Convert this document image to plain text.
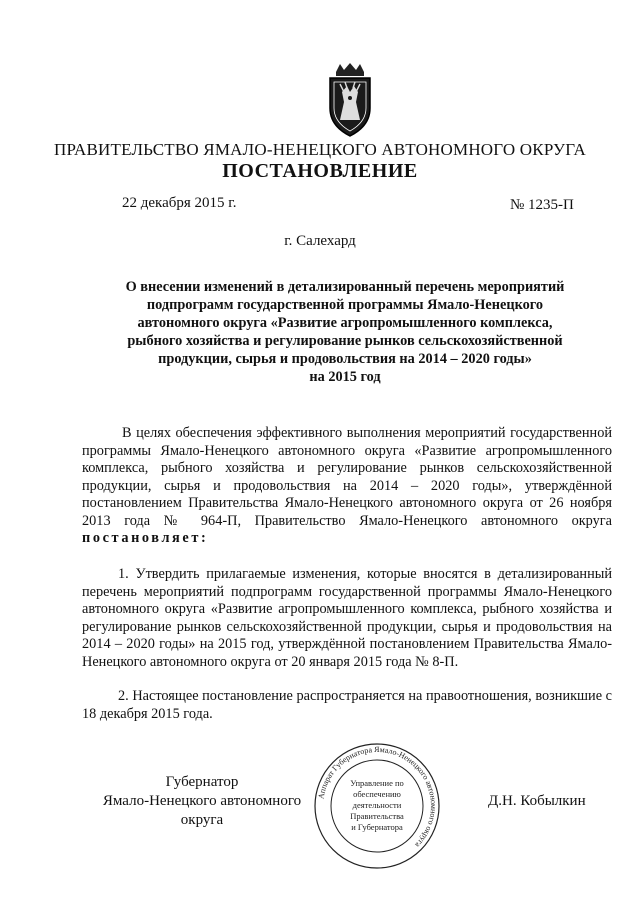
ПРАВИТЕЛЬСТВО ЯМАЛО-НЕНЕЦКОГО АВТОНОМНОГО ОКРУГА
ПОСТАНОВЛЕНИЕ
22 декабря 2015 г.	№ 1235-П
г. Салехард
О внесении изменений в детализированный перечень мероприятий
подпрограмм государственной программы Ямало-Ненецкого
автономного округа «Развитие агропромышленного комплекса,
рыбного хозяйства и регулирование рынков сельскохозяйственной
продукции, сырья и продовольствия на 2014 – 2020 годы»
на 2015 год
В целях обеспечения эффективного выполнения мероприятий государственной программы Ямало-Ненецкого автономного округа «Развитие агропромышленного комплекса, рыбного хозяйства и регулирование рынков сельскохозяйственной продукции, сырья и продовольствия на 2014 – 2020 годы», утверждённой постановлением Правительства Ямало-Ненецкого автономного округа от 26 ноября 2013 года № 964-П, Правительство Ямало-Ненецкого автономного округа постановляет:
1. Утвердить прилагаемые изменения, которые вносятся в детализированный перечень мероприятий подпрограмм государственной программы Ямало-Ненецкого автономного округа «Развитие агропромышленного комплекса, рыбного хозяйства и регулирование рынков сельскохозяйственной продукции, сырья и продовольствия на 2014 – 2020 годы» на 2015 год, утверждённой постановлением Правительства Ямало-Ненецкого автономного округа от 20 января 2015 года № 8-П.
2. Настоящее постановление распространяется на правоотношения, возникшие с 18 декабря 2015 года.
Губернатор
Ямало-Ненецкого автономного округа
Аппарат Губернатора Ямало-Ненецкого автономного округа
Управление по
обеспечению
деятельности
Правительства
и Губернатора
Д.Н. Кобылкин
